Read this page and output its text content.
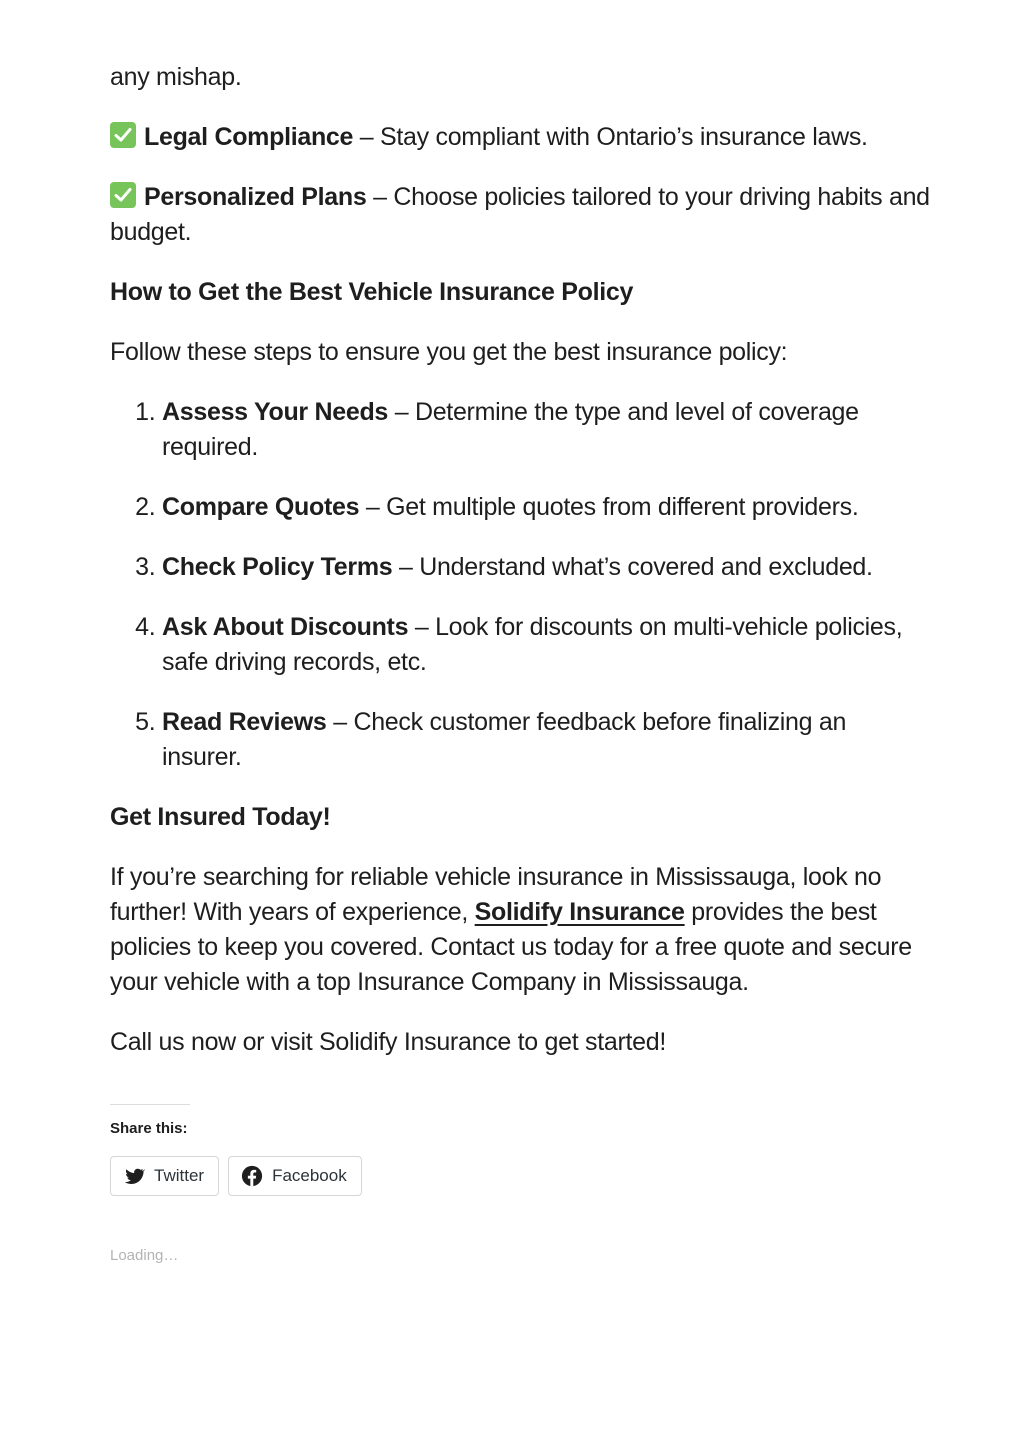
any mishap.

Legal Compliance – Stay compliant with Ontario’s insurance laws.

Personalized Plans – Choose policies tailored to your driving habits and budget.

How to Get the Best Vehicle Insurance Policy

Follow these steps to ensure you get the best insurance policy:

1. Assess Your Needs – Determine the type and level of coverage required.
2. Compare Quotes – Get multiple quotes from different providers.
3. Check Policy Terms – Understand what’s covered and excluded.
4. Ask About Discounts – Look for discounts on multi-vehicle policies, safe driving records, etc.
5. Read Reviews – Check customer feedback before finalizing an insurer.
Get Insured Today!

If you’re searching for reliable vehicle insurance in Mississauga, look no further! With years of experience, Solidify Insurance provides the best policies to keep you covered. Contact us today for a free quote and secure your vehicle with a top Insurance Company in Mississauga.

Call us now or visit Solidify Insurance to get started!

Share this:
Twitter	Facebook
Loading…
